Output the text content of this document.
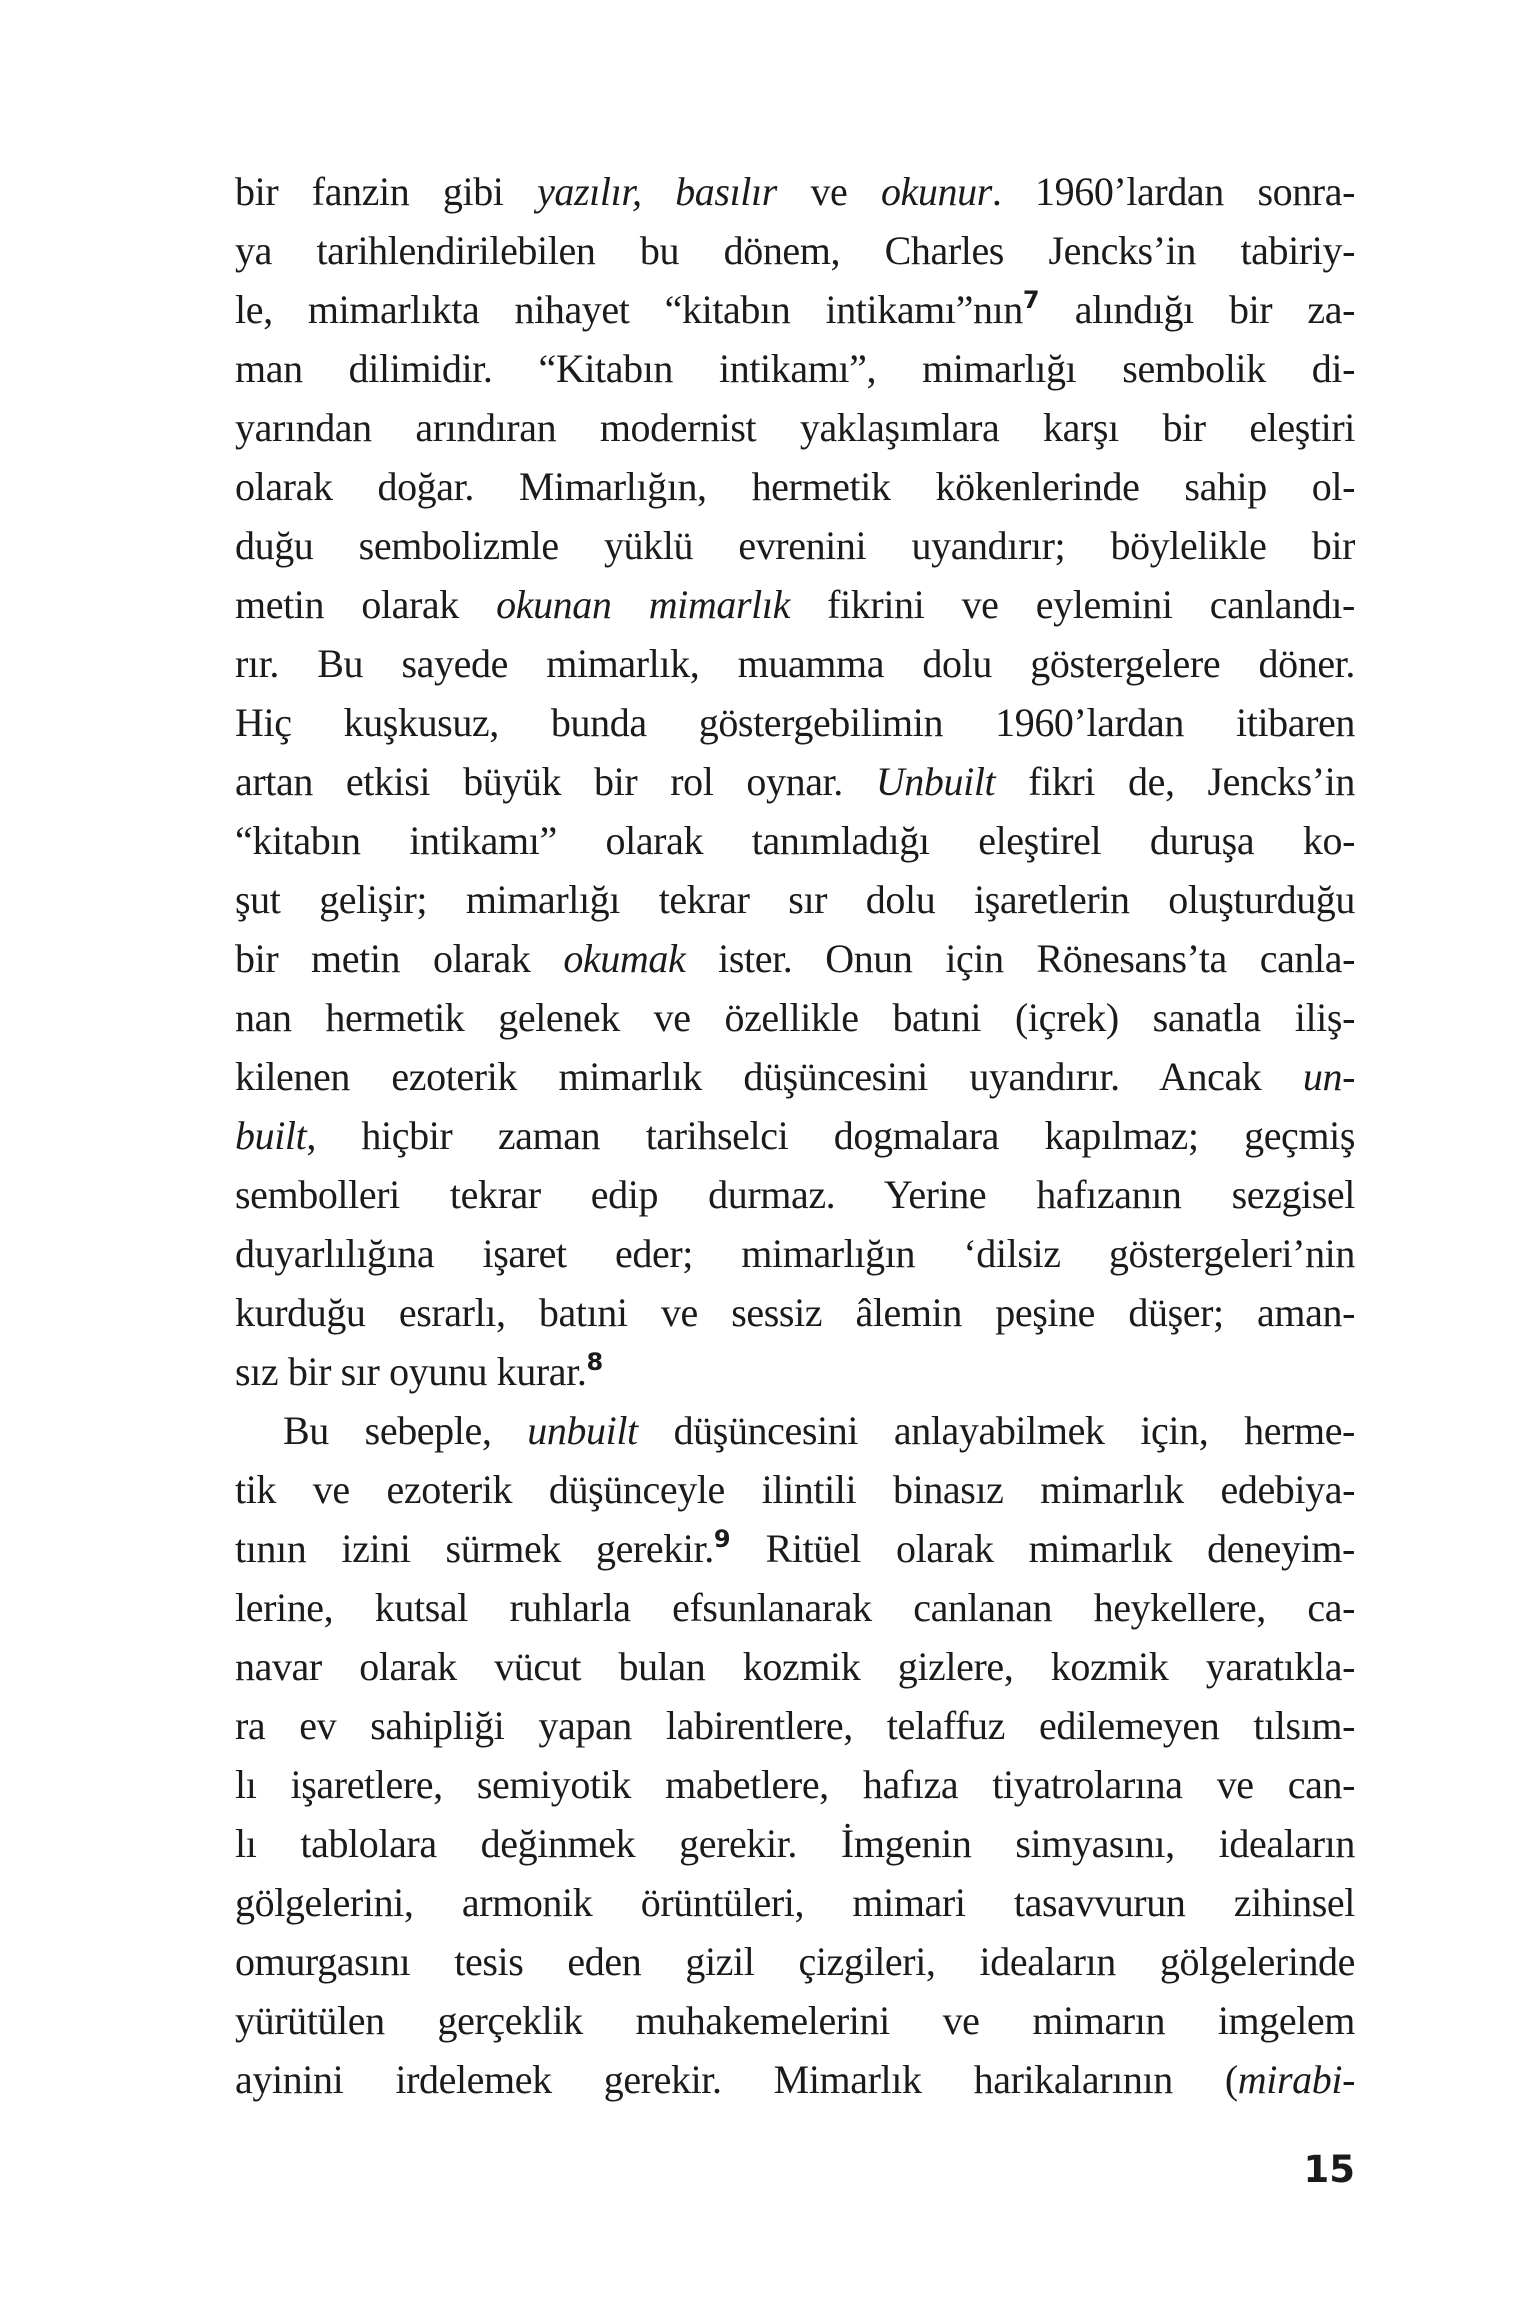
bir fanzin gibi yazılır, basılır ve okunur. 1960’lardan sonra-
ya tarihlendirilebilen bu dönem, Charles Jencks’in tabiriy-
le, mimarlıkta nihayet “kitabın intikamı”nın$^7$ alındığı bir za-
man dilimidir. “Kitabın intikamı”, mimarlığı sembolik di-
yarından arındıran modernist yaklaşımlara karşı bir eleştiri
olarak doğar. Mimarlığın, hermetik kökenlerinde sahip ol-
duğu sembolizmle yüklü evrenini uyandırır; böylelikle bir
metin olarak okunan mimarlık fikrini ve eylemini canlandı-
rır. Bu sayede mimarlık, muamma dolu göstergelere döner.
Hiç kuşkusuz, bunda göstergebilimin 1960’lardan itibaren
artan etkisi büyük bir rol oynar. Unbuilt fikri de, Jencks’in
“kitabın intikamı” olarak tanımladığı eleştirel duruşa ko-
şut gelişir; mimarlığı tekrar sır dolu işaretlerin oluşturduğu
bir metin olarak okumak ister. Onun için Rönesans’ta canla-
nan hermetik gelenek ve özellikle batıni (içrek) sanatla iliş-
kilenen ezoterik mimarlık düşüncesini uyandırır. Ancak un-
built, hiçbir zaman tarihselci dogmalara kapılmaz; geçmiş
sembolleri tekrar edip durmaz. Yerine hafızanın sezgisel
duyarlılığına işaret eder; mimarlığın ‘dilsiz göstergeleri’nin
kurduğu esrarlı, batıni ve sessiz âlemin peşine düşer; aman-
sız bir sır oyunu kurar.$^8$
Bu sebeple, unbuilt düşüncesini anlayabilmek için, herme-
tik ve ezoterik düşünceyle ilintili binasız mimarlık edebiya-
tının izini sürmek gerekir.$^9$ Ritüel olarak mimarlık deneyim-
lerine, kutsal ruhlarla efsunlanarak canlanan heykellere, ca-
navar olarak vücut bulan kozmik gizlere, kozmik yaratıkla-
ra ev sahipliği yapan labirentlere, telaffuz edilemeyen tılsım-
lı işaretlere, semiyotik mabetlere, hafıza tiyatrolarına ve can-
lı tablolara değinmek gerekir. İmgenin simyasını, ideaların
gölgelerini, armonik örüntüleri, mimari tasavvurun zihinsel
omurgasını tesis eden gizil çizgileri, ideaların gölgelerinde
yürütülen gerçeklik muhakemelerini ve mimarın imgelem
ayinini irdelemek gerekir. Mimarlık harikalarının (mirabi-
15
